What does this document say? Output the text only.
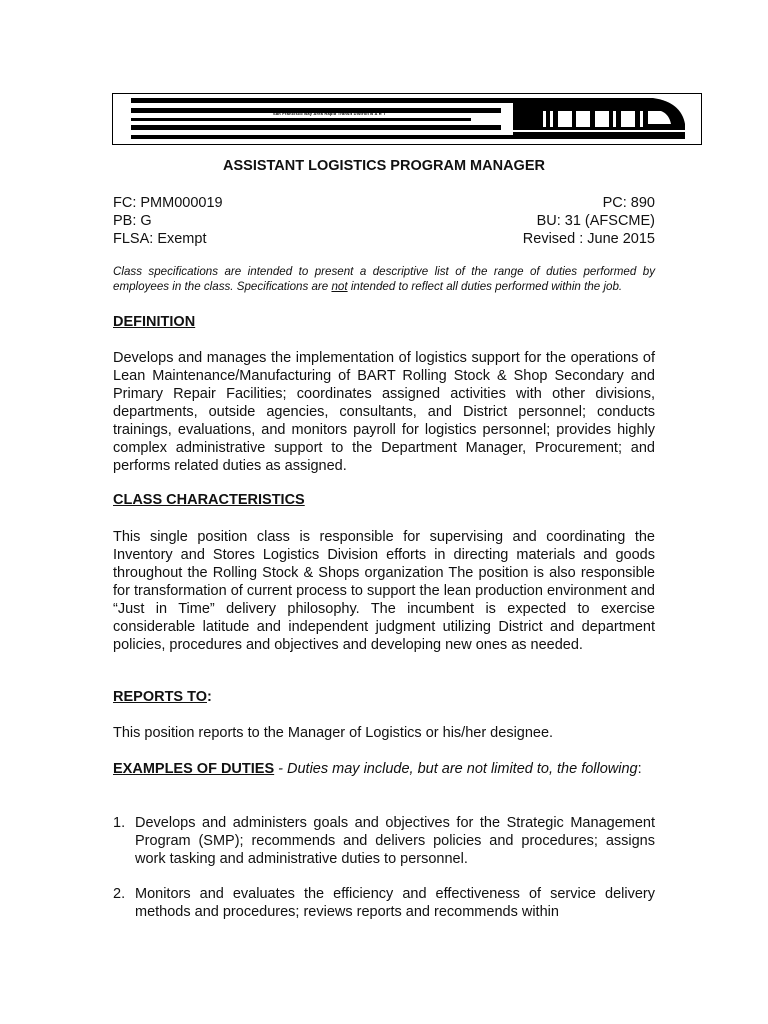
San Francisco Bay Area Rapid Transit District B A R T
ASSISTANT LOGISTICS PROGRAM MANAGER
FC: PMM000019	PC: 890
PB: G	BU: 31 (AFSCME)
FLSA: Exempt	Revised : June 2015
Class specifications are intended to present a descriptive list of the range of duties performed by employees in the class. Specifications are not intended to reflect all duties performed within the job.
DEFINITION
Develops and manages the implementation of logistics support for the operations of Lean Maintenance/Manufacturing of BART Rolling Stock & Shop Secondary and Primary Repair Facilities; coordinates assigned activities with other divisions, departments, outside agencies, consultants, and District personnel; conducts trainings, evaluations, and monitors payroll for logistics personnel; provides highly complex administrative support to the Department Manager, Procurement; and performs related duties as assigned.
CLASS CHARACTERISTICS
This single position class is responsible for supervising and coordinating the Inventory and Stores Logistics Division efforts in directing materials and goods throughout the Rolling Stock & Shops organization The position is also responsible for transformation of current process to support the lean production environment and “Just in Time” delivery philosophy. The incumbent is expected to exercise considerable latitude and independent judgment utilizing District and department policies, procedures and objectives and developing new ones as needed.
REPORTS TO:
This position reports to the Manager of Logistics or his/her designee.
EXAMPLES OF DUTIES - Duties may include, but are not limited to, the following:
1. Develops and administers goals and objectives for the Strategic Management Program (SMP); recommends and delivers policies and procedures; assigns work tasking and administrative duties to personnel.
2. Monitors and evaluates the efficiency and effectiveness of service delivery methods and procedures; reviews reports and recommends within
